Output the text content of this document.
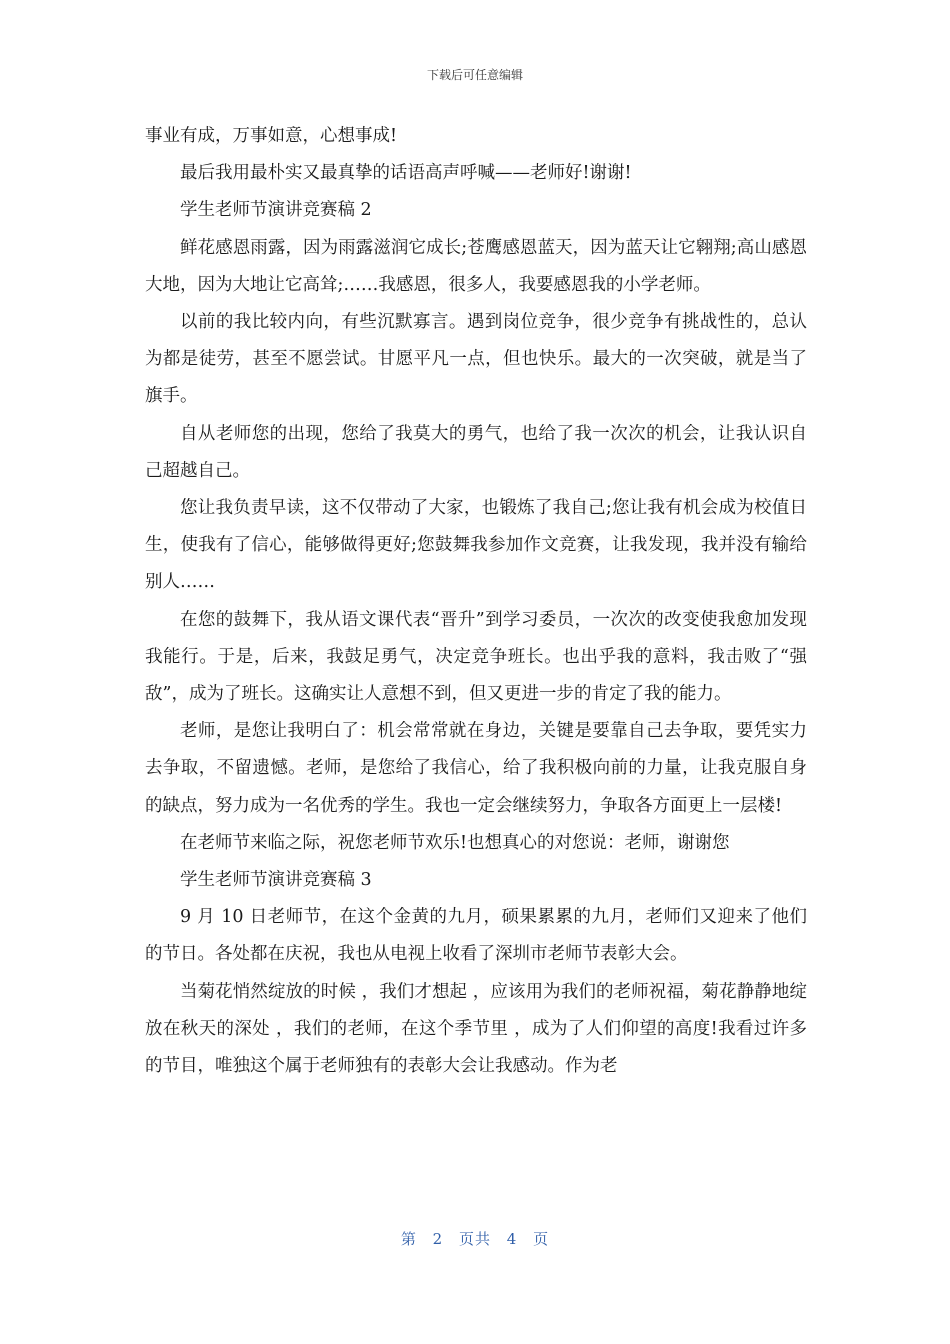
下载后可任意编辑

事业有成，万事如意，心想事成!

最后我用最朴实又最真挚的话语高声呼喊——老师好!谢谢!

学生老师节演讲竞赛稿 2

鲜花感恩雨露，因为雨露滋润它成长;苍鹰感恩蓝天，因为蓝天让它翱翔;高山感恩大地，因为大地让它高耸;……我感恩，很多人，我要感恩我的小学老师。

以前的我比较内向，有些沉默寡言。遇到岗位竞争，很少竞争有挑战性的，总认为都是徒劳，甚至不愿尝试。甘愿平凡一点，但也快乐。最大的一次突破，就是当了旗手。

自从老师您的出现，您给了我莫大的勇气，也给了我一次次的机会，让我认识自己超越自己。

您让我负责早读，这不仅带动了大家，也锻炼了我自己;您让我有机会成为校值日生，使我有了信心，能够做得更好;您鼓舞我参加作文竞赛，让我发现，我并没有输给别人……

在您的鼓舞下，我从语文课代表“晋升”到学习委员，一次次的改变使我愈加发现我能行。于是，后来，我鼓足勇气，决定竞争班长。也出乎我的意料，我击败了“强敌”，成为了班长。这确实让人意想不到，但又更进一步的肯定了我的能力。

老师，是您让我明白了：机会常常就在身边，关键是要靠自己去争取，要凭实力去争取，不留遗憾。老师，是您给了我信心，给了我积极向前的力量，让我克服自身的缺点，努力成为一名优秀的学生。我也一定会继续努力，争取各方面更上一层楼!

在老师节来临之际，祝您老师节欢乐!也想真心的对您说：老师，谢谢您

学生老师节演讲竞赛稿 3

9 月 10 日老师节，在这个金黄的九月，硕果累累的九月，老师们又迎来了他们的节日。各处都在庆祝，我也从电视上收看了深圳市老师节表彰大会。

当菊花悄然绽放的时候 ，我们才想起 ，应该用为我们的老师祝福，菊花静静地绽放在秋天的深处 ，我们的老师，在这个季节里 ，成为了人们仰望的高度!我看过许多的节目，唯独这个属于老师独有的表彰大会让我感动。作为老

第 2 页共 4 页
